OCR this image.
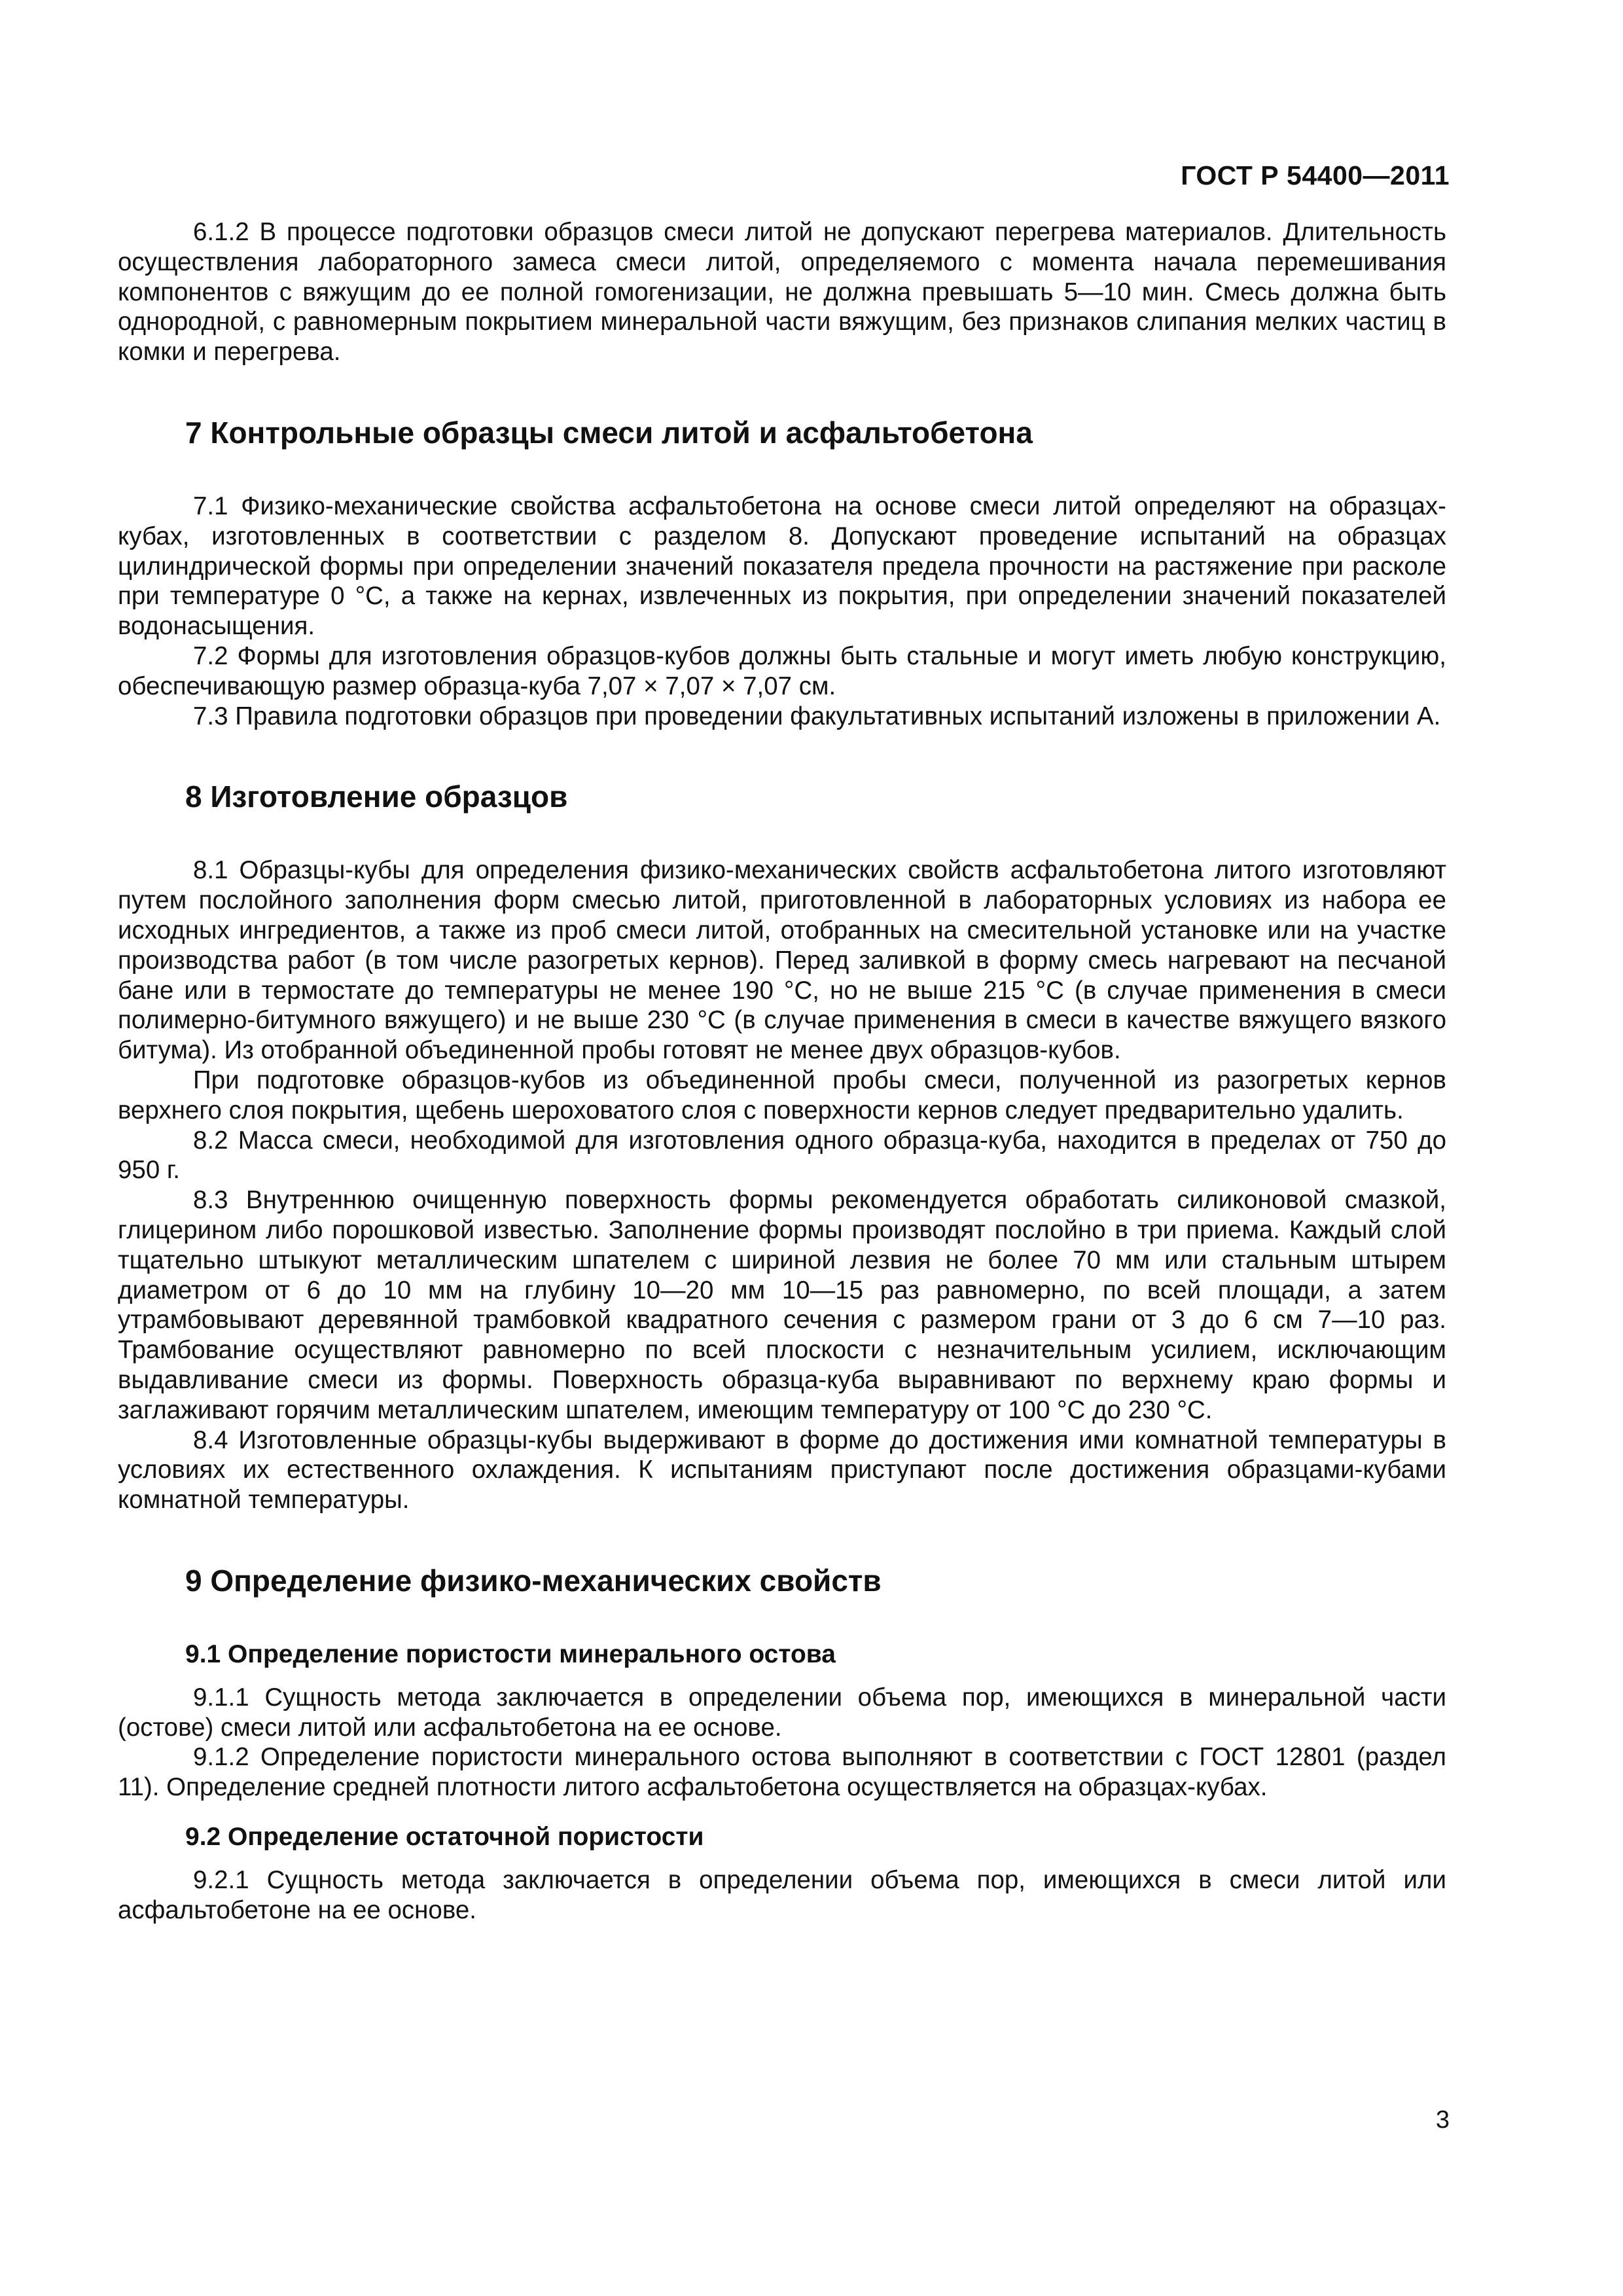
ГОСТ Р 54400—2011

6.1.2 В процессе подготовки образцов смеси литой не допускают перегрева материалов. Длительность осуществления лабораторного замеса смеси литой, определяемого с момента начала перемешивания компонентов с вяжущим до ее полной гомогенизации, не должна превышать 5—10 мин. Смесь должна быть однородной, с равномерным покрытием минеральной части вяжущим, без признаков слипания мелких частиц в комки и перегрева.

7 Контрольные образцы смеси литой и асфальтобетона

7.1 Физико-механические свойства асфальтобетона на основе смеси литой определяют на образцах-кубах, изготовленных в соответствии с разделом 8. Допускают проведение испытаний на образцах цилиндрической формы при определении значений показателя предела прочности на растяжение при расколе при температуре 0 °С, а также на кернах, извлеченных из покрытия, при определении значений показателей водонасыщения.

7.2 Формы для изготовления образцов-кубов должны быть стальные и могут иметь любую конструкцию, обеспечивающую размер образца-куба 7,07 × 7,07 × 7,07 см.

7.3 Правила подготовки образцов при проведении факультативных испытаний изложены в приложении А.

8 Изготовление образцов

8.1 Образцы-кубы для определения физико-механических свойств асфальтобетона литого изготовляют путем послойного заполнения форм смесью литой, приготовленной в лабораторных условиях из набора ее исходных ингредиентов, а также из проб смеси литой, отобранных на смесительной установке или на участке производства работ (в том числе разогретых кернов). Перед заливкой в форму смесь нагревают на песчаной бане или в термостате до температуры не менее 190 °С, но не выше 215 °С (в случае применения в смеси полимерно-битумного вяжущего) и не выше 230 °С (в случае применения в смеси в качестве вяжущего вязкого битума). Из отобранной объединенной пробы готовят не менее двух образцов-кубов.

При подготовке образцов-кубов из объединенной пробы смеси, полученной из разогретых кернов верхнего слоя покрытия, щебень шероховатого слоя с поверхности кернов следует предварительно удалить.

8.2 Масса смеси, необходимой для изготовления одного образца-куба, находится в пределах от 750 до 950 г.

8.3 Внутреннюю очищенную поверхность формы рекомендуется обработать силиконовой смазкой, глицерином либо порошковой известью. Заполнение формы производят послойно в три приема. Каждый слой тщательно штыкуют металлическим шпателем с шириной лезвия не более 70 мм или стальным штырем диаметром от 6 до 10 мм на глубину 10—20 мм 10—15 раз равномерно, по всей площади, а затем утрамбовывают деревянной трамбовкой квадратного сечения с размером грани от 3 до 6 см 7—10 раз. Трамбование осуществляют равномерно по всей плоскости с незначительным усилием, исключающим выдавливание смеси из формы. Поверхность образца-куба выравнивают по верхнему краю формы и заглаживают горячим металлическим шпателем, имеющим температуру от 100 °С до 230 °С.

8.4 Изготовленные образцы-кубы выдерживают в форме до достижения ими комнатной температуры в условиях их естественного охлаждения. К испытаниям приступают после достижения образцами-кубами комнатной температуры.

9 Определение физико-механических свойств
9.1 Определение пористости минерального остова

9.1.1 Сущность метода заключается в определении объема пор, имеющихся в минеральной части (остове) смеси литой или асфальтобетона на ее основе.

9.1.2 Определение пористости минерального остова выполняют в соответствии с ГОСТ 12801 (раздел 11). Определение средней плотности литого асфальтобетона осуществляется на образцах-кубах.

9.2 Определение остаточной пористости

9.2.1 Сущность метода заключается в определении объема пор, имеющихся в смеси литой или асфальтобетоне на ее основе.

3
